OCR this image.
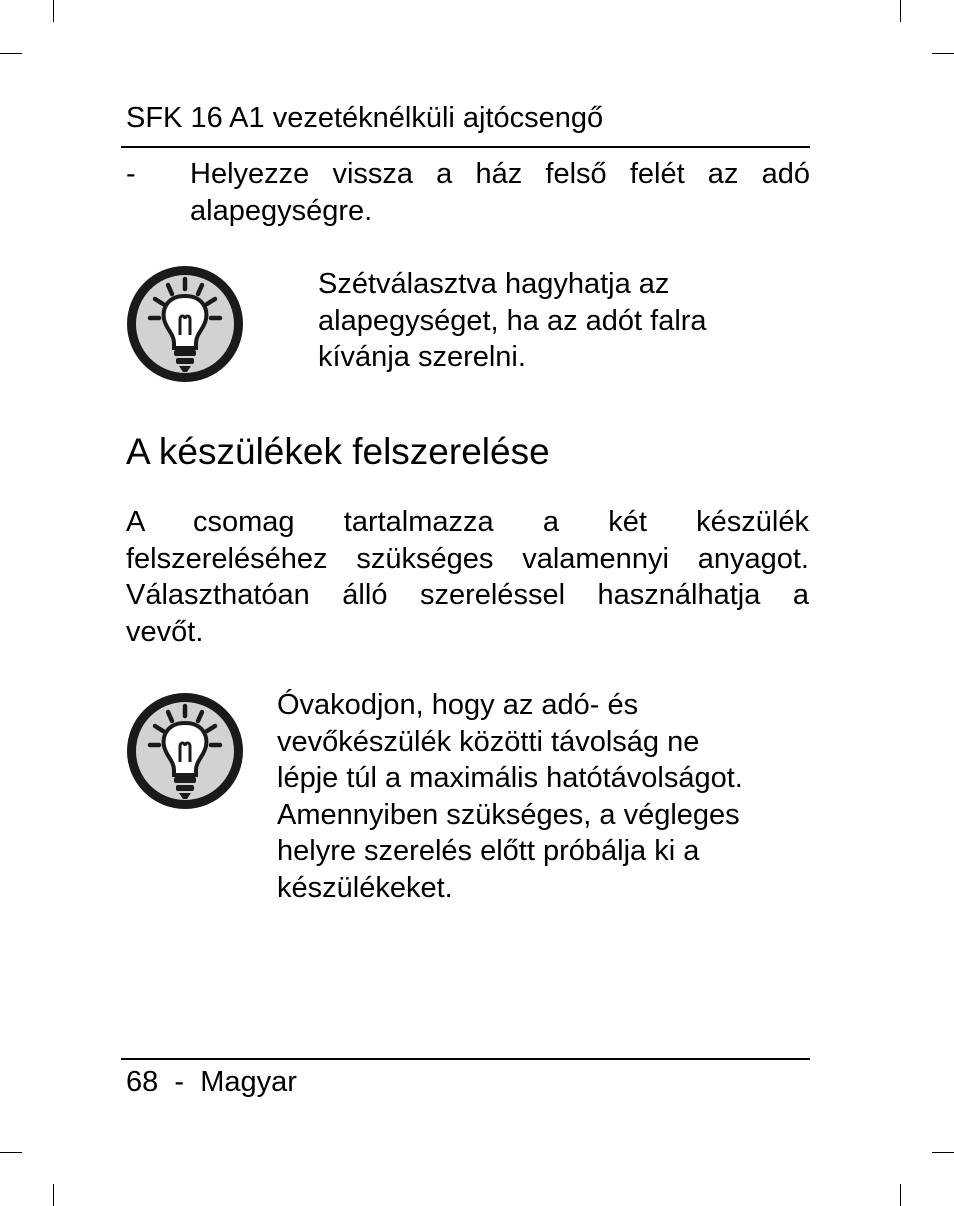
SFK 16 A1 vezetéknélküli ajtócsengő
- Helyezze vissza a ház felső felét az adó alapegységre.
Szétválasztva hagyhatja az
alapegységet, ha az adót falra
kívánja szerelni.
A készülékek felszerelése
A csomag tartalmazza a két készülék
felszereléséhez szükséges valamennyi anyagot.
Választhatóan álló szereléssel használhatja a
vevőt.
Óvakodjon, hogy az adó- és
vevőkészülék közötti távolság ne
lépje túl a maximális hatótávolságot.
Amennyiben szükséges, a végleges
helyre szerelés előtt próbálja ki a
készülékeket.
68 - Magyar
